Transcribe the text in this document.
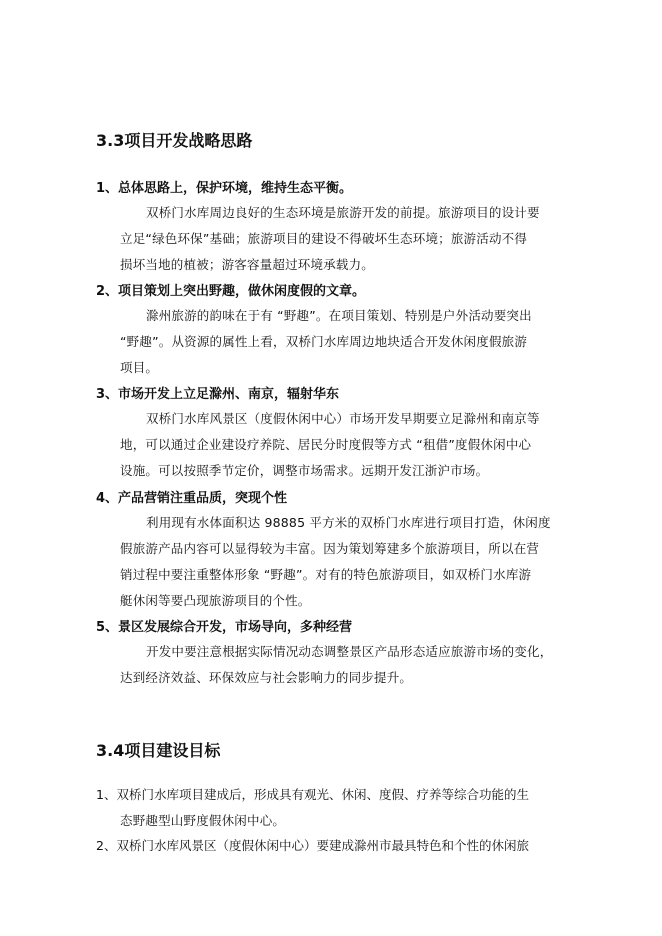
3.3项目开发战略思路
1、总体思路上，保护环境，维持生态平衡。
双桥门水库周边良好的生态环境是旅游开发的前提。旅游项目的设计要
立足“绿色环保”基础；旅游项目的建设不得破坏生态环境；旅游活动不得
损坏当地的植被；游客容量超过环境承载力。
2、项目策划上突出野趣，做休闲度假的文章。
滁州旅游的韵味在于有 “野趣”。在项目策划、特别是户外活动要突出
“野趣”。从资源的属性上看，双桥门水库周边地块适合开发休闲度假旅游
项目。
3、市场开发上立足滁州、南京，辐射华东
双桥门水库风景区（度假休闲中心）市场开发早期要立足滁州和南京等
地，可以通过企业建设疗养院、居民分时度假等方式 “租借”度假休闲中心
设施。可以按照季节定价，调整市场需求。远期开发江浙沪市场。
4、产品营销注重品质，突现个性
利用现有水体面积达 98885 平方米的双桥门水库进行项目打造，休闲度
假旅游产品内容可以显得较为丰富。因为策划筹建多个旅游项目，所以在营
销过程中要注重整体形象 “野趣”。对有的特色旅游项目，如双桥门水库游
艇休闲等要凸现旅游项目的个性。
5、景区发展综合开发，市场导向，多种经营
开发中要注意根据实际情况动态调整景区产品形态适应旅游市场的变化，
达到经济效益、环保效应与社会影响力的同步提升。
3.4项目建设目标
1、双桥门水库项目建成后，形成具有观光、休闲、度假、疗养等综合功能的生
态野趣型山野度假休闲中心。
2、双桥门水库风景区（度假休闲中心）要建成滁州市最具特色和个性的休闲旅
